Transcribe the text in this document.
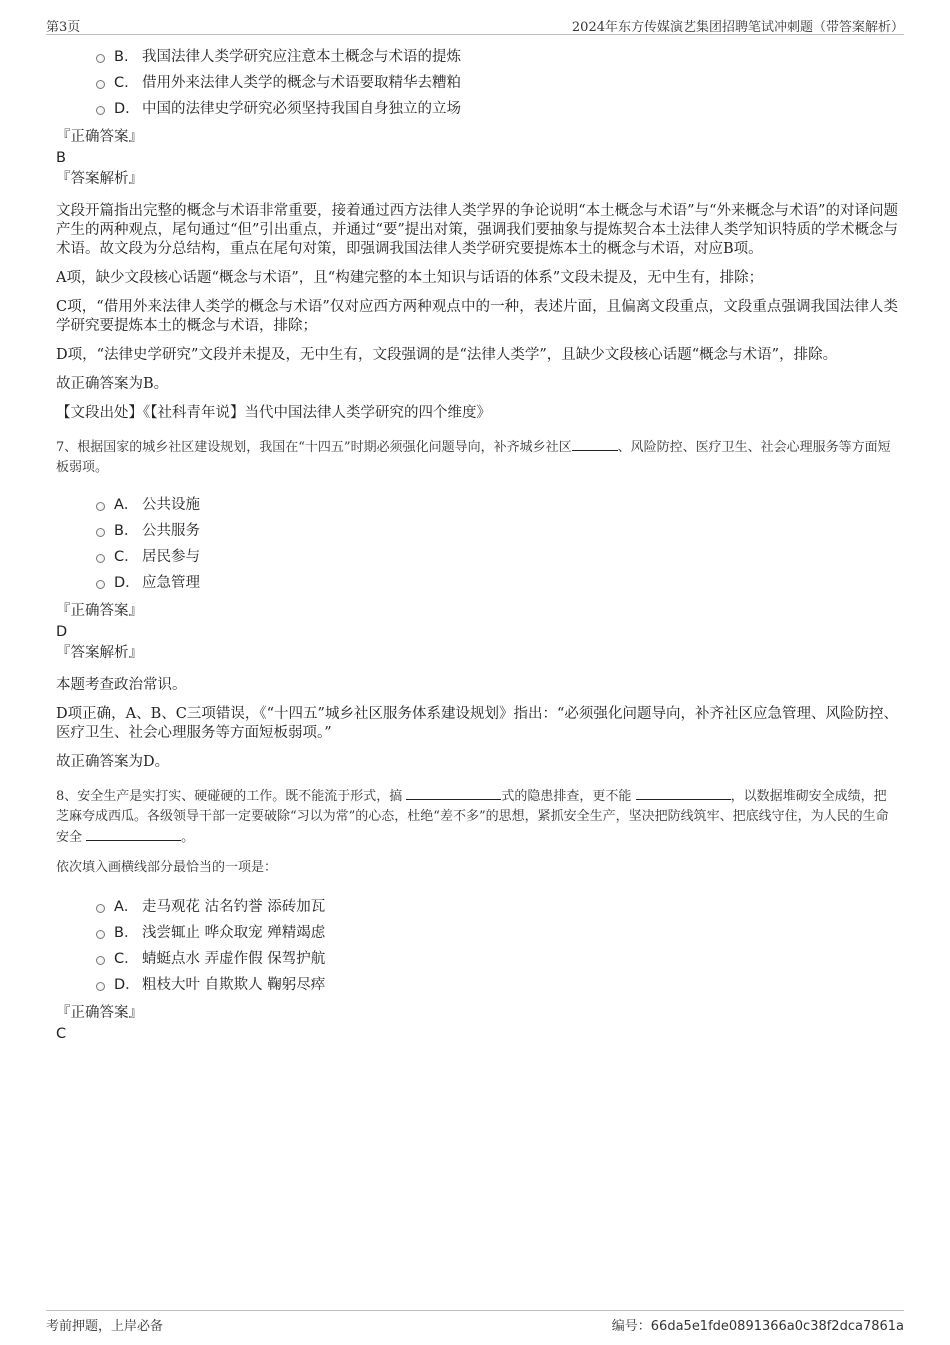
第3页	2024年东方传媒演艺集团招聘笔试冲刺题（带答案解析）
B. 我国法律人类学研究应注意本土概念与术语的提炼
C. 借用外来法律人类学的概念与术语要取精华去糟粕
D. 中国的法律史学研究必须坚持我国自身独立的立场
『正确答案』
B
『答案解析』

文段开篇指出完整的概念与术语非常重要，接着通过西方法律人类学界的争论说明“本土概念与术语”与“外来概念与术语”的对译问题产生的两种观点，尾句通过“但”引出重点，并通过“要”提出对策，强调我们要抽象与提炼契合本土法律人类学知识特质的学术概念与术语。故文段为分总结构，重点在尾句对策，即强调我国法律人类学研究要提炼本土的概念与术语，对应B项。

A项，缺少文段核心话题“概念与术语”，且“构建完整的本土知识与话语的体系”文段未提及，无中生有，排除；

C项，“借用外来法律人类学的概念与术语”仅对应西方两种观点中的一种，表述片面，且偏离文段重点，文段重点强调我国法律人类学研究要提炼本土的概念与术语，排除；

D项，“法律史学研究”文段并未提及，无中生有，文段强调的是“法律人类学”，且缺少文段核心话题“概念与术语”，排除。

故正确答案为B。

【文段出处】《【社科青年说】当代中国法律人类学研究的四个维度》

7、根据国家的城乡社区建设规划，我国在“十四五”时期必须强化问题导向，补齐城乡社区	、风险防控、医疗卫生、社会心理服务等方面短板弱项。

A． 公共设施
B． 公共服务
C． 居民参与
D． 应急管理
『正确答案』
D
『答案解析』

本题考查政治常识。

D项正确，A、B、C三项错误，《“十四五”城乡社区服务体系建设规划》指出：“必须强化问题导向，补齐社区应急管理、风险防控、医疗卫生、社会心理服务等方面短板弱项。”

故正确答案为D。

8、安全生产是实打实、硬碰硬的工作。既不能流于形式，搞	式的隐患排查，更不能	，以数据堆砌安全成绩，把芝麻夸成西瓜。各级领导干部一定要破除“习以为常”的心态，杜绝“差不多”的思想，紧抓安全生产，坚决把防线筑牢、把底线守住，为人民的生命安全	。

依次填入画横线部分最恰当的一项是：

A． 走马观花 沽名钓誉 添砖加瓦
B． 浅尝辄止 哗众取宠 殚精竭虑
C． 蜻蜓点水 弄虚作假 保驾护航
D． 粗枝大叶 自欺欺人 鞠躬尽瘁
『正确答案』
C
考前押题，上岸必备	编号：66da5e1fde0891366a0c38f2dca7861a
